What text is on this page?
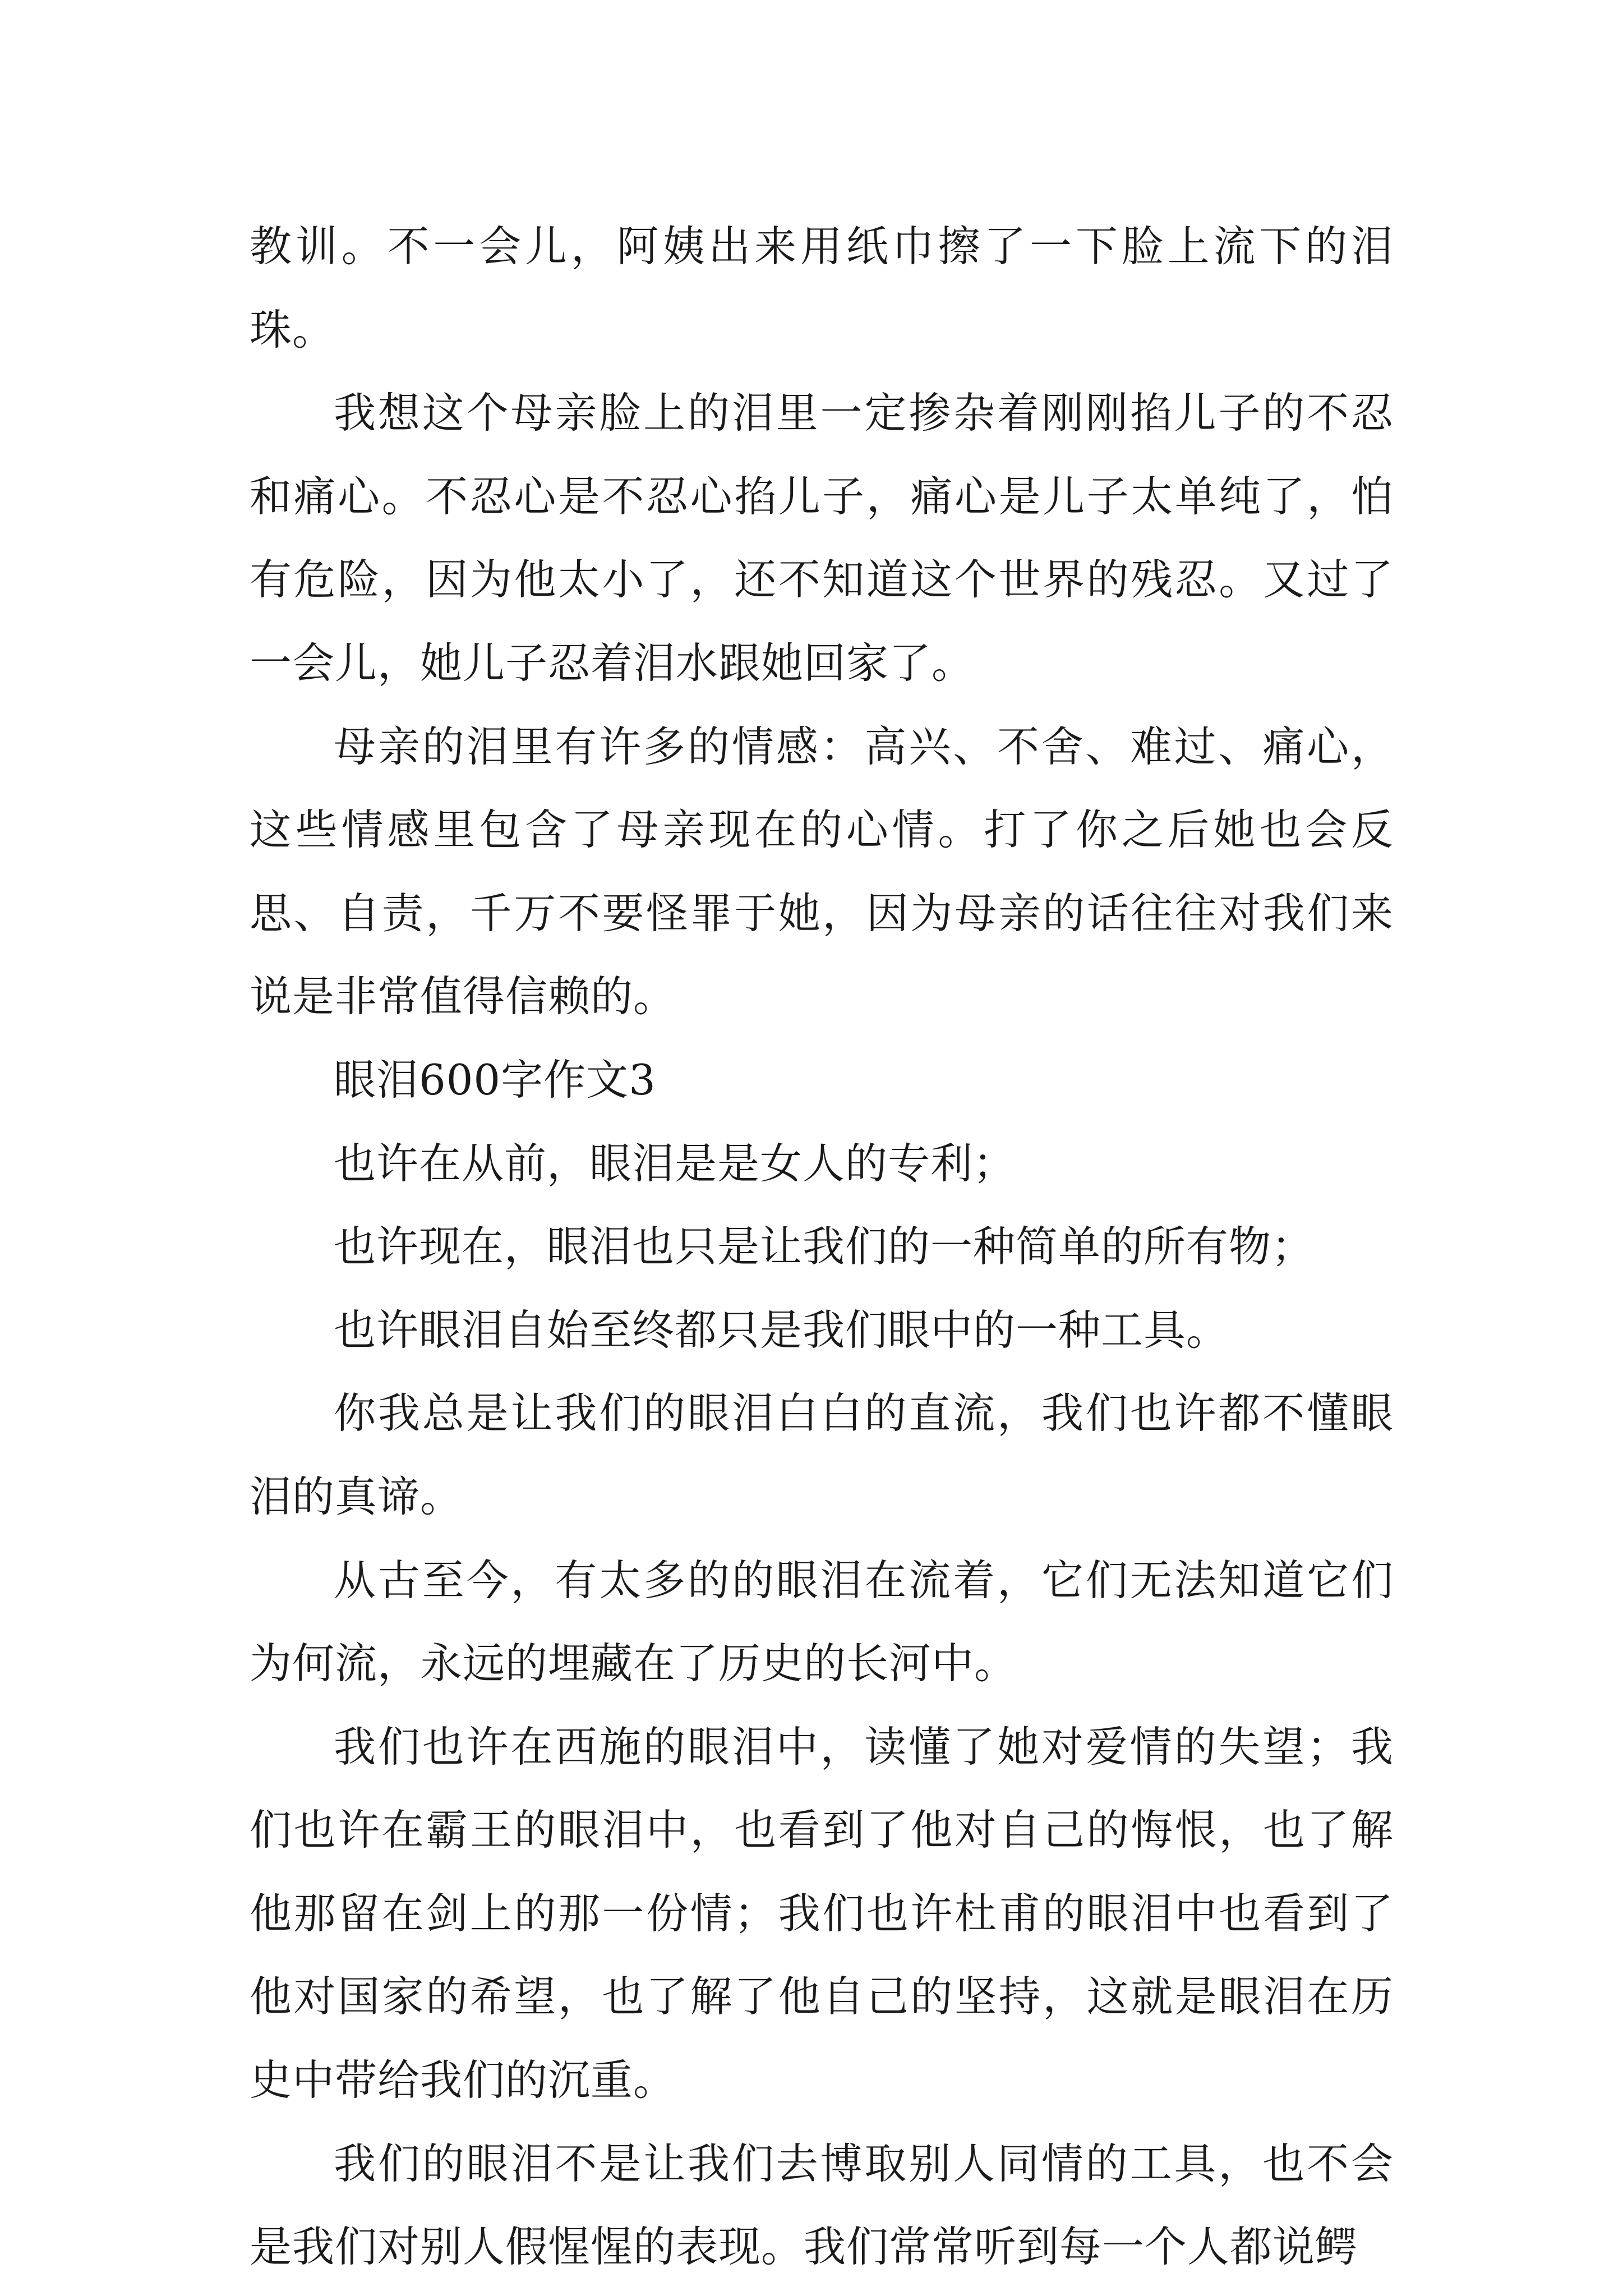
教训。不一会儿，阿姨出来用纸巾擦了一下脸上流下的泪珠。

我想这个母亲脸上的泪里一定掺杂着刚刚掐儿子的不忍和痛心。不忍心是不忍心掐儿子，痛心是儿子太单纯了，怕有危险，因为他太小了，还不知道这个世界的残忍。又过了一会儿，她儿子忍着泪水跟她回家了。

母亲的泪里有许多的情感：高兴、不舍、难过、痛心，这些情感里包含了母亲现在的心情。打了你之后她也会反思、自责，千万不要怪罪于她，因为母亲的话往往对我们来说是非常值得信赖的。

眼泪600字作文3

也许在从前，眼泪是是女人的专利；

也许现在，眼泪也只是让我们的一种简单的所有物；

也许眼泪自始至终都只是我们眼中的一种工具。

你我总是让我们的眼泪白白的直流，我们也许都不懂眼泪的真谛。

从古至今，有太多的的眼泪在流着，它们无法知道它们为何流，永远的埋藏在了历史的长河中。

我们也许在西施的眼泪中，读懂了她对爱情的失望；我们也许在霸王的眼泪中，也看到了他对自己的悔恨，也了解他那留在剑上的那一份情；我们也许杜甫的眼泪中也看到了他对国家的希望，也了解了他自己的坚持，这就是眼泪在历史中带给我们的沉重。

我们的眼泪不是让我们去博取别人同情的工具，也不会是我们对别人假惺惺的表现。我们常常听到每一个人都说鳄
